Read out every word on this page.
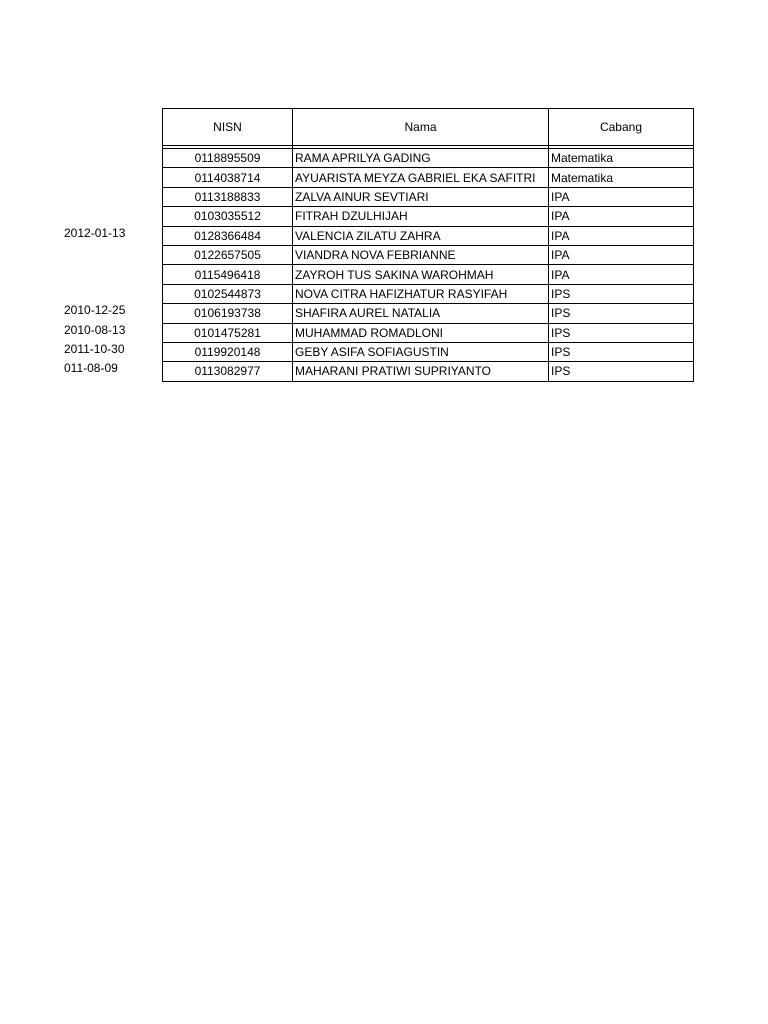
2012-01-13
2010-12-25
2010-08-13
2011-10-30
011-08-09
NISN	Nama	Cabang

0118895509	RAMA APRILYA GADING	Matematika
0114038714	AYUARISTA MEYZA GABRIEL EKA SAFITRI	Matematika
0113188833	ZALVA AINUR SEVTIARI	IPA
0103035512	FITRAH DZULHIJAH	IPA
0128366484	VALENCIA ZILATU ZAHRA	IPA
0122657505	VIANDRA NOVA FEBRIANNE	IPA
0115496418	ZAYROH TUS SAKINA WAROHMAH	IPA
0102544873	NOVA CITRA HAFIZHATUR RASYIFAH	IPS
0106193738	SHAFIRA AUREL NATALIA	IPS
0101475281	MUHAMMAD ROMADLONI	IPS
0119920148	GEBY ASIFA SOFIAGUSTIN	IPS
0113082977	MAHARANI PRATIWI SUPRIYANTO	IPS
